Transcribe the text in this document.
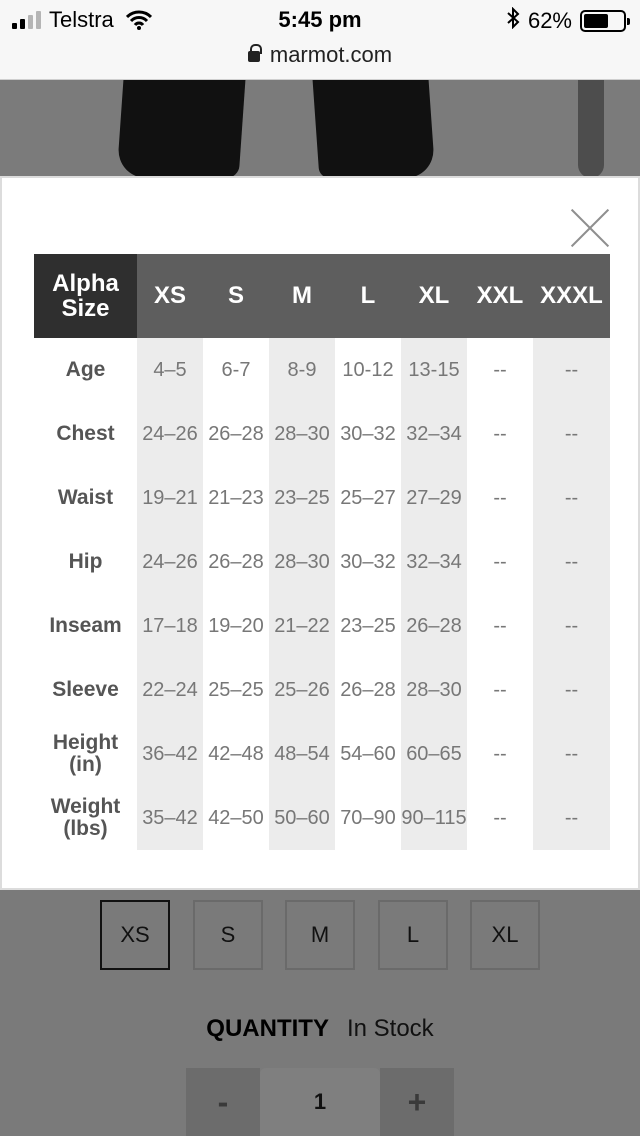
Telstra	5:45 pm	62%
marmot.com
Alpha Size	XS	S	M	L	XL	XXL	XXXL
Age	4–5	6-7	8-9	10-12	13-15	--	--
Chest	24–26	26–28	28–30	30–32	32–34	--	--
Waist	19–21	21–23	23–25	25–27	27–29	--	--
Hip	24–26	26–28	28–30	30–32	32–34	--	--
Inseam	17–18	19–20	21–22	23–25	26–28	--	--
Sleeve	22–24	25–25	25–26	26–28	28–30	--	--
Height (in)	36–42	42–48	48–54	54–60	60–65	--	--
Weight (lbs)	35–42	42–50	50–60	70–90	90–115	--	--
XS	S	M	L	XL
QUANTITY In Stock
-	1	+
